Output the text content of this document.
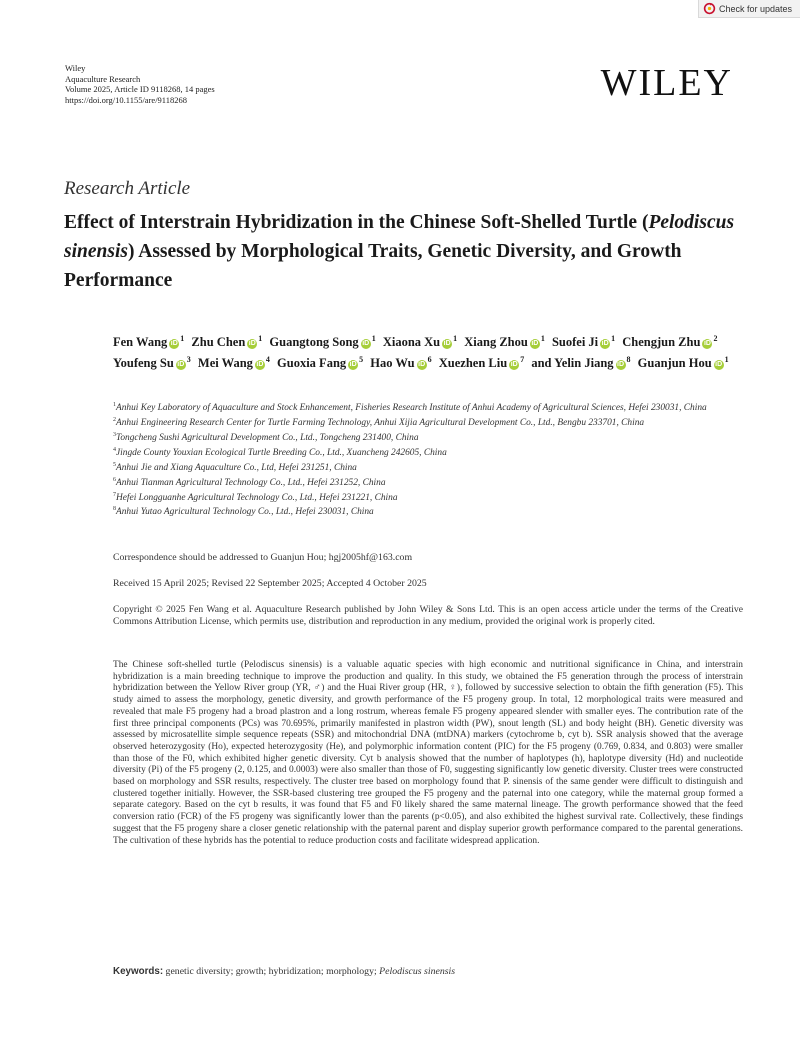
Check for updates
Wiley
Aquaculture Research
Volume 2025, Article ID 9118268, 14 pages
https://doi.org/10.1155/are/9118268	WILEY
Research Article
Effect of Interstrain Hybridization in the Chinese Soft-Shelled Turtle (Pelodiscus sinensis) Assessed by Morphological Traits, Genetic Diversity, and Growth Performance
Fen Wang $iD^1$ Zhu Chen $iD^1$ Guangtong Song $iD^1$ Xiaona Xu $iD^1$ Xiang Zhou $iD^1$ Suofei Ji $iD^1$ Chengjun Zhu $iD^2$ Youfeng Su $iD^3$ Mei Wang $iD^4$ Guoxia Fang $iD^5$ Hao Wu $iD^6$ Xuezhen Liu $iD^7$ and Yelin Jiang $iD^8$ Guanjun Hou $iD^1$
$^1$Anhui Key Laboratory of Aquaculture and Stock Enhancement, Fisheries Research Institute of Anhui Academy of Agricultural Sciences, Hefei 230031, China
$^2$Anhui Engineering Research Center for Turtle Farming Technology, Anhui Xijia Agricultural Development Co., Ltd., Bengbu 233701, China
$^3$Tongcheng Sushi Agricultural Development Co., Ltd., Tongcheng 231400, China
$^4$Jingde County Youxian Ecological Turtle Breeding Co., Ltd., Xuancheng 242605, China
$^5$Anhui Jie and Xiang Aquaculture Co., Ltd, Hefei 231251, China
$^6$Anhui Tianman Agricultural Technology Co., Ltd., Hefei 231252, China
$^7$Hefei Longguanhe Agricultural Technology Co., Ltd., Hefei 231221, China
$^8$Anhui Yutao Agricultural Technology Co., Ltd., Hefei 230031, China
Correspondence should be addressed to Guanjun Hou; hgj2005hf@163.com
Received 15 April 2025; Revised 22 September 2025; Accepted 4 October 2025
Copyright © 2025 Fen Wang et al. Aquaculture Research published by John Wiley & Sons Ltd. This is an open access article under the terms of the Creative Commons Attribution License, which permits use, distribution and reproduction in any medium, provided the original work is properly cited.
The Chinese soft-shelled turtle (Pelodiscus sinensis) is a valuable aquatic species with high economic and nutritional significance in China, and interstrain hybridization is a main breeding technique to improve the production and quality. In this study, we obtained the F5 generation through the process of interstrain hybridization between the Yellow River group (YR, ♂) and the Huai River group (HR, ♀), followed by successive selection to obtain the fifth generation (F5). This study aimed to assess the morphology, genetic diversity, and growth performance of the F5 progeny group. In total, 12 morphological traits were measured and revealed that male F5 progeny had a broad plastron and a long rostrum, whereas female F5 progeny appeared slender with smaller eyes. The contribution rate of the first three principal components (PCs) was 70.695%, primarily manifested in plastron width (PW), snout length (SL) and body height (BH). Genetic diversity was assessed by microsatellite simple sequence repeats (SSR) and mitochondrial DNA (mtDNA) markers (cytochrome b, cyt b). SSR analysis showed that the average observed heterozygosity (Ho), expected heterozygosity (He), and polymorphic information content (PIC) for the F5 progeny (0.769, 0.834, and 0.803) were smaller than those of the F0, which exhibited higher genetic diversity. Cyt b analysis showed that the number of haplotypes (h), haplotype diversity (Hd) and nucleotide diversity (Pi) of the F5 progeny (2, 0.125, and 0.0003) were also smaller than those of F0, suggesting significantly low genetic diversity. Cluster trees were constructed based on morphology and SSR results, respectively. The cluster tree based on morphology found that P. sinensis of the same gender were difficult to distinguish and clustered together initially. However, the SSR-based clustering tree grouped the F5 progeny and the paternal into one category, while the maternal group formed a separate category. Based on the cyt b results, it was found that F5 and F0 likely shared the same maternal lineage. The growth performance showed that the feed conversion ratio (FCR) of the F5 progeny was significantly lower than the parents (p<0.05), and also exhibited the highest survival rate. Collectively, these findings suggest that the F5 progeny share a closer genetic relationship with the paternal parent and display superior growth performance compared to the parental generations. The cultivation of these hybrids has the potential to reduce production costs and facilitate widespread application.
Keywords: genetic diversity; growth; hybridization; morphology; Pelodiscus sinensis
